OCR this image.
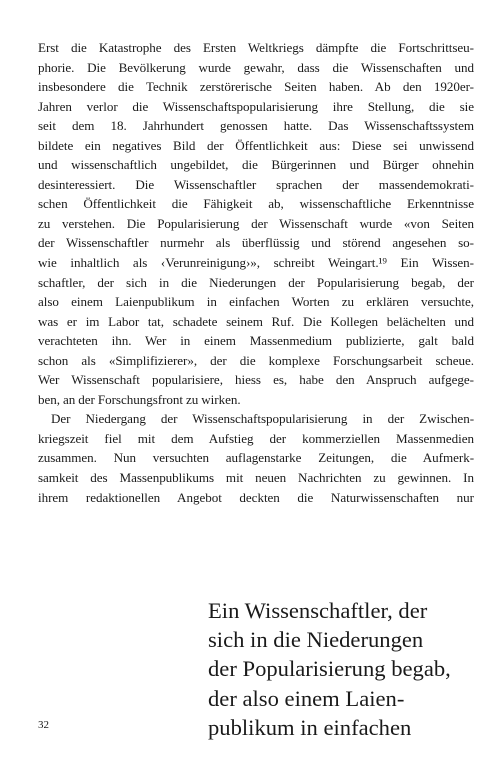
Erst die Katastrophe des Ersten Weltkriegs dämpfte die Fortschrittseu-
phorie. Die Bevölkerung wurde gewahr, dass die Wissenschaften und
insbesondere die Technik zerstörerische Seiten haben. Ab den 1920er-
Jahren verlor die Wissenschaftspopularisierung ihre Stellung, die sie
seit dem 18. Jahrhundert genossen hatte. Das Wissenschaftssystem
bildete ein negatives Bild der Öffentlichkeit aus: Diese sei unwissend
und wissenschaftlich ungebildet, die Bürgerinnen und Bürger ohnehin
desinteressiert. Die Wissenschaftler sprachen der massendemokrati-
schen Öffentlichkeit die Fähigkeit ab, wissenschaftliche Erkenntnisse
zu verstehen. Die Popularisierung der Wissenschaft wurde «von Seiten
der Wissenschaftler nurmehr als überflüssig und störend angesehen so-
wie inhaltlich als ‹Verunreinigung›», schreibt Weingart.¹⁹ Ein Wissen-
schaftler, der sich in die Niederungen der Popularisierung begab, der
also einem Laienpublikum in einfachen Worten zu erklären versuchte,
was er im Labor tat, schadete seinem Ruf. Die Kollegen belächelten und
verachteten ihn. Wer in einem Massenmedium publizierte, galt bald
schon als «Simplifizierer», der die komplexe Forschungsarbeit scheue.
Wer Wissenschaft popularisiere, hiess es, habe den Anspruch aufgege-
ben, an der Forschungsfront zu wirken.
Der Niedergang der Wissenschaftspopularisierung in der Zwischen-
kriegszeit fiel mit dem Aufstieg der kommerziellen Massenmedien
zusammen. Nun versuchten auflagenstarke Zeitungen, die Aufmerk-
samkeit des Massenpublikums mit neuen Nachrichten zu gewinnen. In
ihrem redaktionellen Angebot deckten die Naturwissenschaften nur
Ein Wissenschaftler, der
sich in die Niederungen
der Popularisierung begab,
der also einem Laien-
publikum in einfachen
32
